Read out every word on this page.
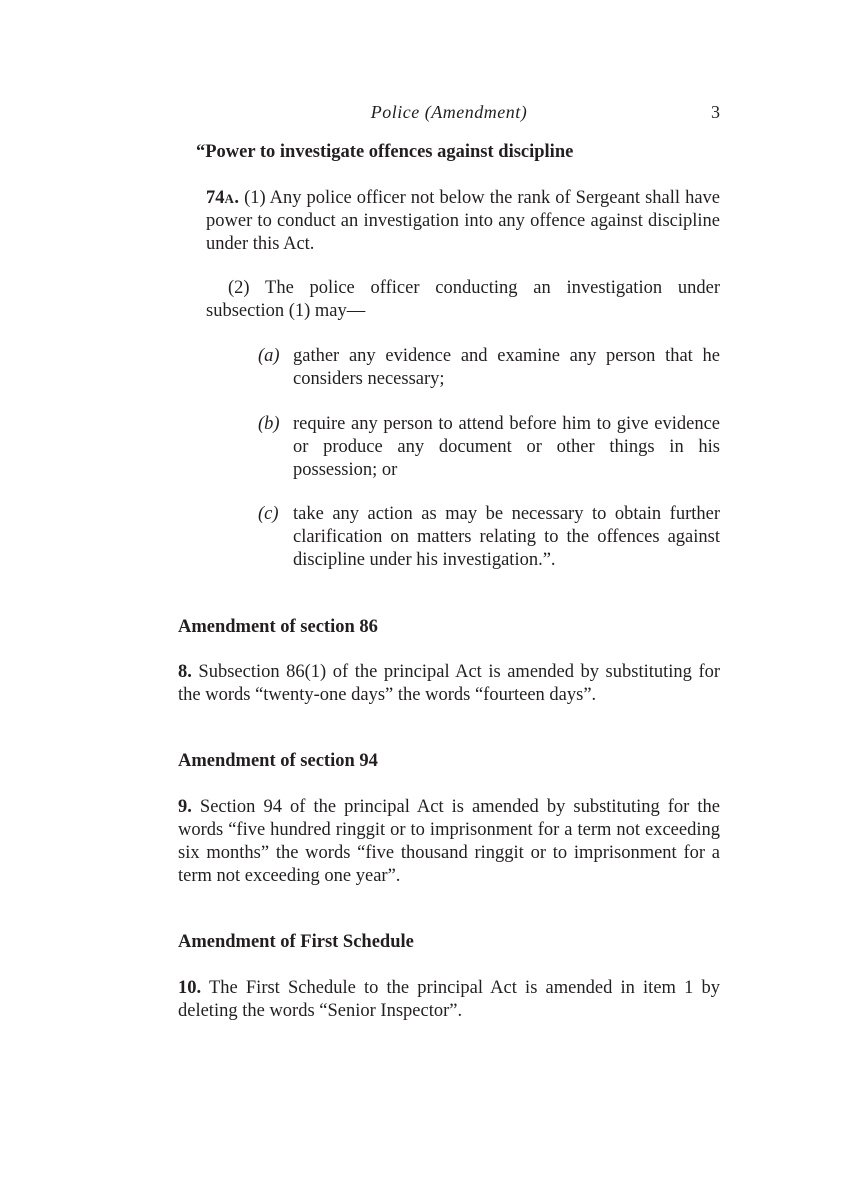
Police (Amendment)	3
“Power to investigate offences against discipline

74A. (1) Any police officer not below the rank of Sergeant shall have power to conduct an investigation into any offence against discipline under this Act.

(2) The police officer conducting an investigation under subsection (1) may—
(a) gather any evidence and examine any person that he considers necessary;
(b) require any person to attend before him to give evidence or produce any document or other things in his possession; or
(c) take any action as may be necessary to obtain further clarification on matters relating to the offences against discipline under his investigation.”.
Amendment of section 86

8. Subsection 86(1) of the principal Act is amended by substituting for the words “twenty-one days” the words “fourteen days”.

Amendment of section 94

9. Section 94 of the principal Act is amended by substituting for the words “five hundred ringgit or to imprisonment for a term not exceeding six months” the words “five thousand ringgit or to imprisonment for a term not exceeding one year”.

Amendment of First Schedule

10. The First Schedule to the principal Act is amended in item 1 by deleting the words “Senior Inspector”.
